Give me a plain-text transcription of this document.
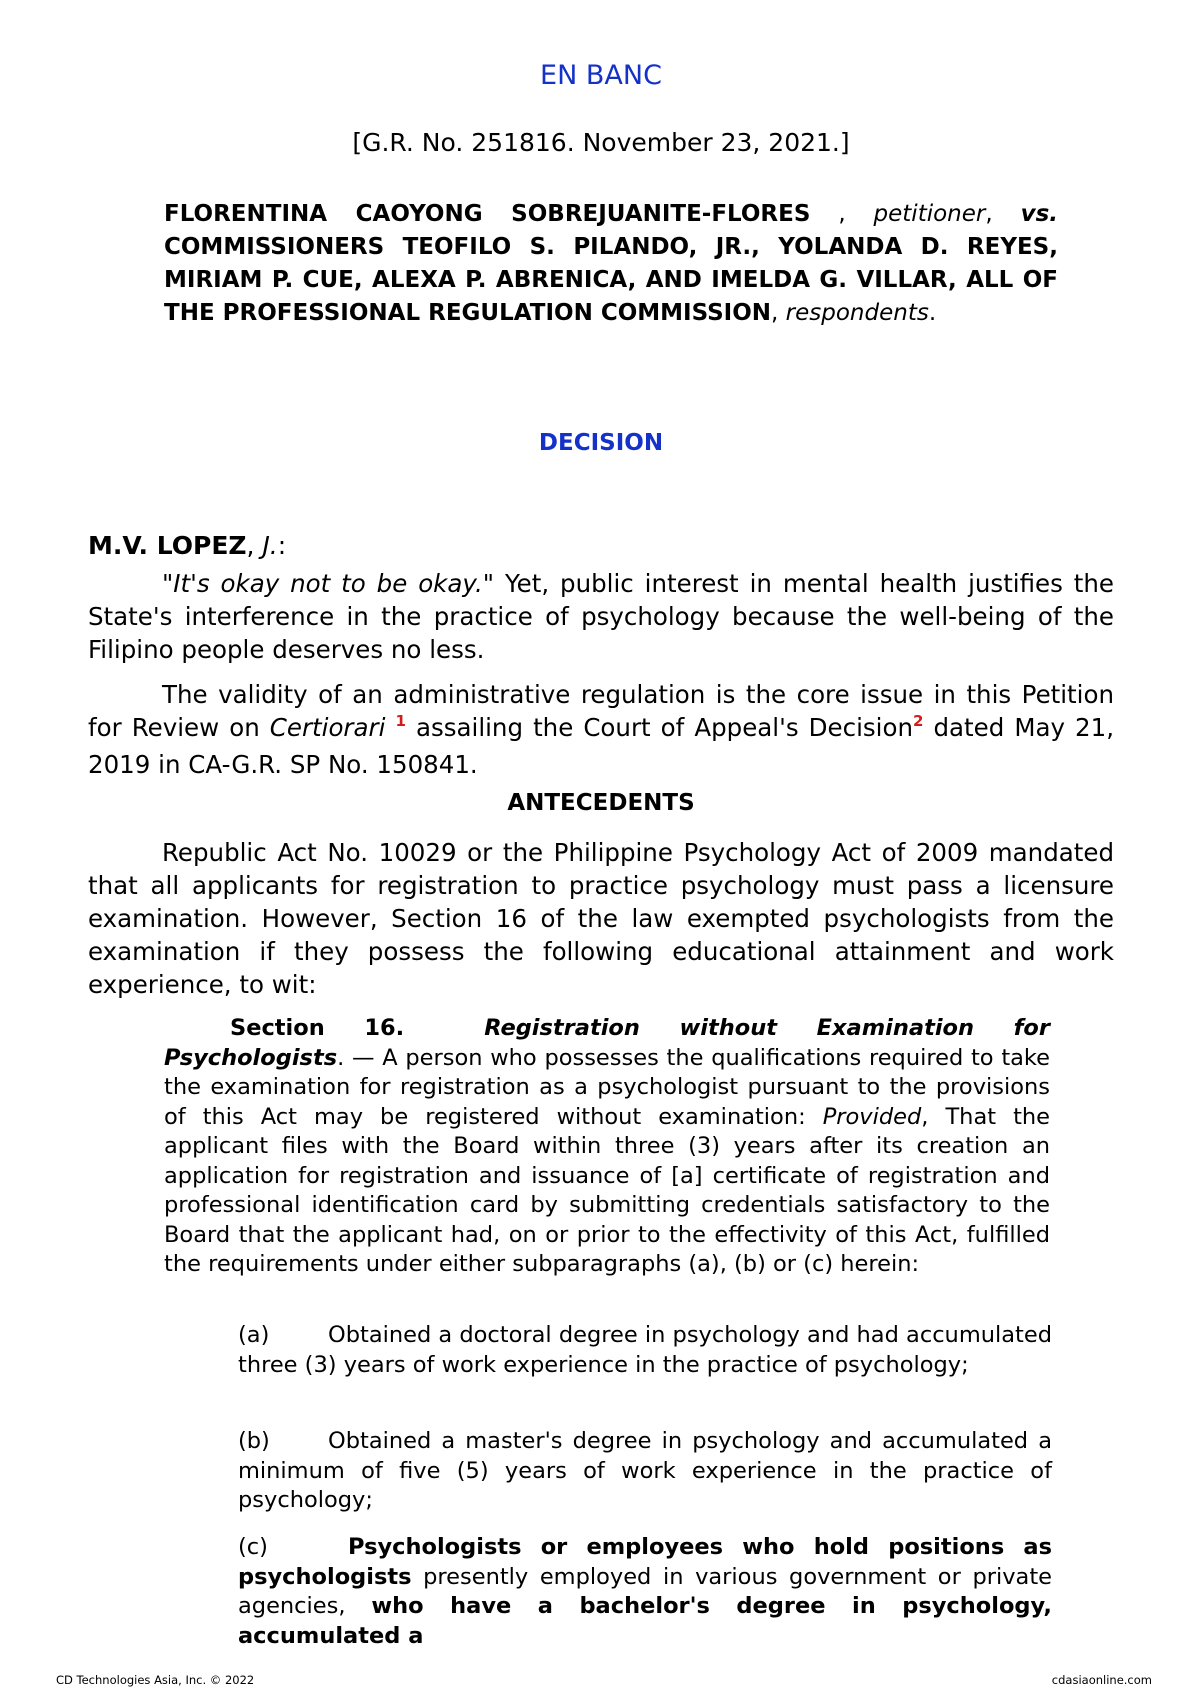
EN BANC
[G.R. No. 251816. November 23, 2021.]
FLORENTINA CAOYONG SOBREJUANITE-FLORES , petitioner, vs. COMMISSIONERS TEOFILO S. PILANDO, JR., YOLANDA D. REYES, MIRIAM P. CUE, ALEXA P. ABRENICA, AND IMELDA G. VILLAR, ALL OF THE PROFESSIONAL REGULATION COMMISSION, respondents.
DECISION
M.V. LOPEZ, J.:
"It's okay not to be okay." Yet, public interest in mental health justifies the State's interference in the practice of psychology because the well-being of the Filipino people deserves no less.
The validity of an administrative regulation is the core issue in this Petition for Review on Certiorari $^1$ assailing the Court of Appeal's Decision$^2$ dated May 21, 2019 in CA-G.R. SP No. 150841.
ANTECEDENTS
Republic Act No. 10029 or the Philippine Psychology Act of 2009 mandated that all applicants for registration to practice psychology must pass a licensure examination. However, Section 16 of the law exempted psychologists from the examination if they possess the following educational attainment and work experience, to wit:
Section 16.	Registration without Examination for Psychologists. — A person who possesses the qualifications required to take the examination for registration as a psychologist pursuant to the provisions of this Act may be registered without examination: Provided, That the applicant files with the Board within three (3) years after its creation an application for registration and issuance of [a] certificate of registration and professional identification card by submitting credentials satisfactory to the Board that the applicant had, on or prior to the effectivity of this Act, fulfilled the requirements under either subparagraphs (a), (b) or (c) herein:
(a)	Obtained a doctoral degree in psychology and had accumulated three (3) years of work experience in the practice of psychology;
(b)	Obtained a master's degree in psychology and accumulated a minimum of five (5) years of work experience in the practice of psychology;
(c)	Psychologists or employees who hold positions as psychologists presently employed in various government or private agencies, who have a bachelor's degree in psychology, accumulated a
CD Technologies Asia, Inc. © 2022	cdasiaonline.com
